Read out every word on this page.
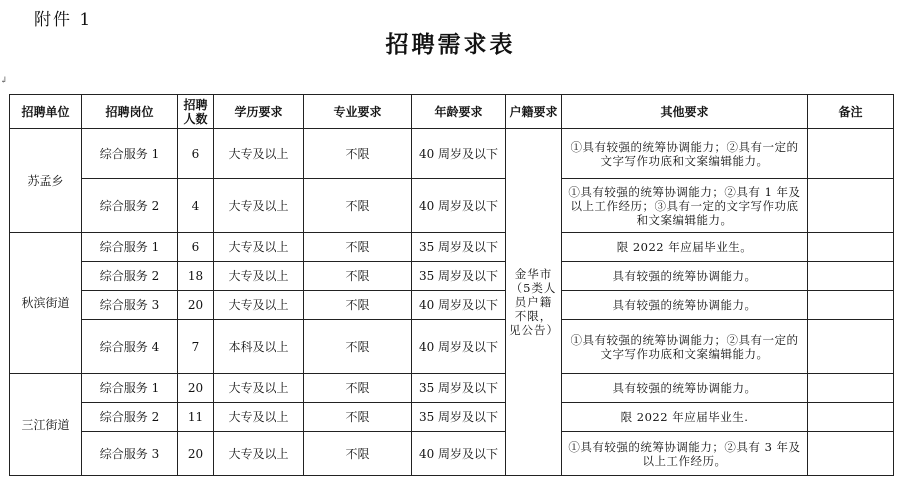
附件 1
招聘需求表
↲
招聘单位	招聘岗位	招聘人数	学历要求	专业要求	年龄要求	户籍要求	其他要求	备注
苏孟乡	综合服务 1	6	大专及以上	不限	40 周岁及以下	金华市（5类人员户籍不限，见公告）	①具有较强的统筹协调能力；②具有一定的文字写作功底和文案编辑能力。	
	综合服务 2	4	大专及以上	不限	40 周岁及以下		①具有较强的统筹协调能力；②具有 1 年及以上工作经历；③具有一定的文字写作功底和文案编辑能力。	
秋滨街道	综合服务 1	6	大专及以上	不限	35 周岁及以下		限 2022 年应届毕业生。	
	综合服务 2	18	大专及以上	不限	35 周岁及以下		具有较强的统筹协调能力。	
	综合服务 3	20	大专及以上	不限	40 周岁及以下		具有较强的统筹协调能力。	
	综合服务 4	7	本科及以上	不限	40 周岁及以下		①具有较强的统筹协调能力；②具有一定的文字写作功底和文案编辑能力。	
三江街道	综合服务 1	20	大专及以上	不限	35 周岁及以下		具有较强的统筹协调能力。	
	综合服务 2	11	大专及以上	不限	35 周岁及以下		限 2022 年应届毕业生.	
	综合服务 3	20	大专及以上	不限	40 周岁及以下		①具有较强的统筹协调能力；②具有 3 年及以上工作经历。	
